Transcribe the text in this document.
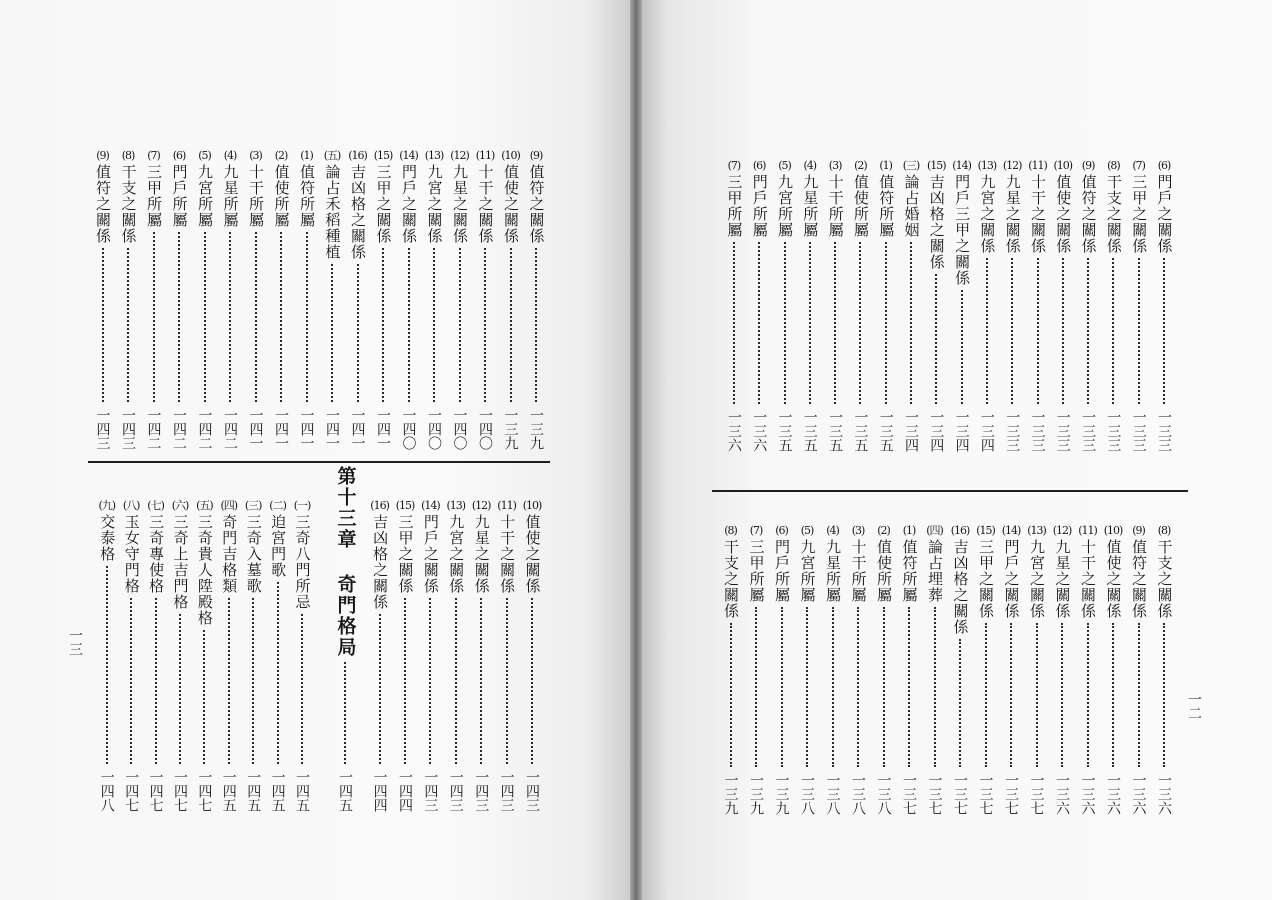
一三
一二
第十三章 奇門格局
一四五
(9)
值符之關係
一三九
(10)
值使之關係
一三九
(11)
十干之關係
一四〇
(12)
九星之關係
一四〇
(13)
九宮之關係
一四〇
(14)
門戶之關係
一四〇
(15)
三甲之關係
一四一
(16)
吉凶格之關係
一四一
(五)
論占禾稻種植
一四一
(1)
值符所屬
一四一
(2)
值使所屬
一四一
(3)
十干所屬
一四一
(4)
九星所屬
一四二
(5)
九宮所屬
一四二
(6)
門戶所屬
一四二
(7)
三甲所屬
一四二
(8)
干支之關係
一四三
(9)
值符之關係
一四三
(10)
值使之關係
一四三
(11)
十干之關係
一四三
(12)
九星之關係
一四三
(13)
九宮之關係
一四三
(14)
門戶之關係
一四三
(15)
三甲之關係
一四四
(16)
吉凶格之關係
一四四
(一)
三奇八門所忌
一四五
(二)
迫宮門歌
一四五
(三)
三奇入墓歌
一四五
(四)
奇門吉格類
一四五
(五)
三奇貴人陞殿格
一四七
(六)
三奇上吉門格
一四七
(七)
三奇專使格
一四七
(八)
玉女守門格
一四七
(九)
交泰格
一四八
(6)
門戶之關係
一三三
(7)
三甲之關係
一三三
(8)
干支之關係
一三三
(9)
值符之關係
一三三
(10)
值使之關係
一三三
(11)
十干之關係
一三三
(12)
九星之關係
一三三
(13)
九宮之關係
一三四
(14)
門戶三甲之關係
一三四
(15)
吉凶格之關係
一三四
(三)
論占婚姻
一三四
(1)
值符所屬
一三五
(2)
值使所屬
一三五
(3)
十干所屬
一三五
(4)
九星所屬
一三五
(5)
九宮所屬
一三五
(6)
門戶所屬
一三六
(7)
三甲所屬
一三六
(8)
干支之關係
一三六
(9)
值符之關係
一三六
(10)
值使之關係
一三六
(11)
十干之關係
一三六
(12)
九星之關係
一三六
(13)
九宮之關係
一三七
(14)
門戶之關係
一三七
(15)
三甲之關係
一三七
(16)
吉凶格之關係
一三七
(四)
論占埋葬
一三七
(1)
值符所屬
一三七
(2)
值使所屬
一三八
(3)
十干所屬
一三八
(4)
九星所屬
一三八
(5)
九宮所屬
一三八
(6)
門戶所屬
一三九
(7)
三甲所屬
一三九
(8)
干支之關係
一三九
